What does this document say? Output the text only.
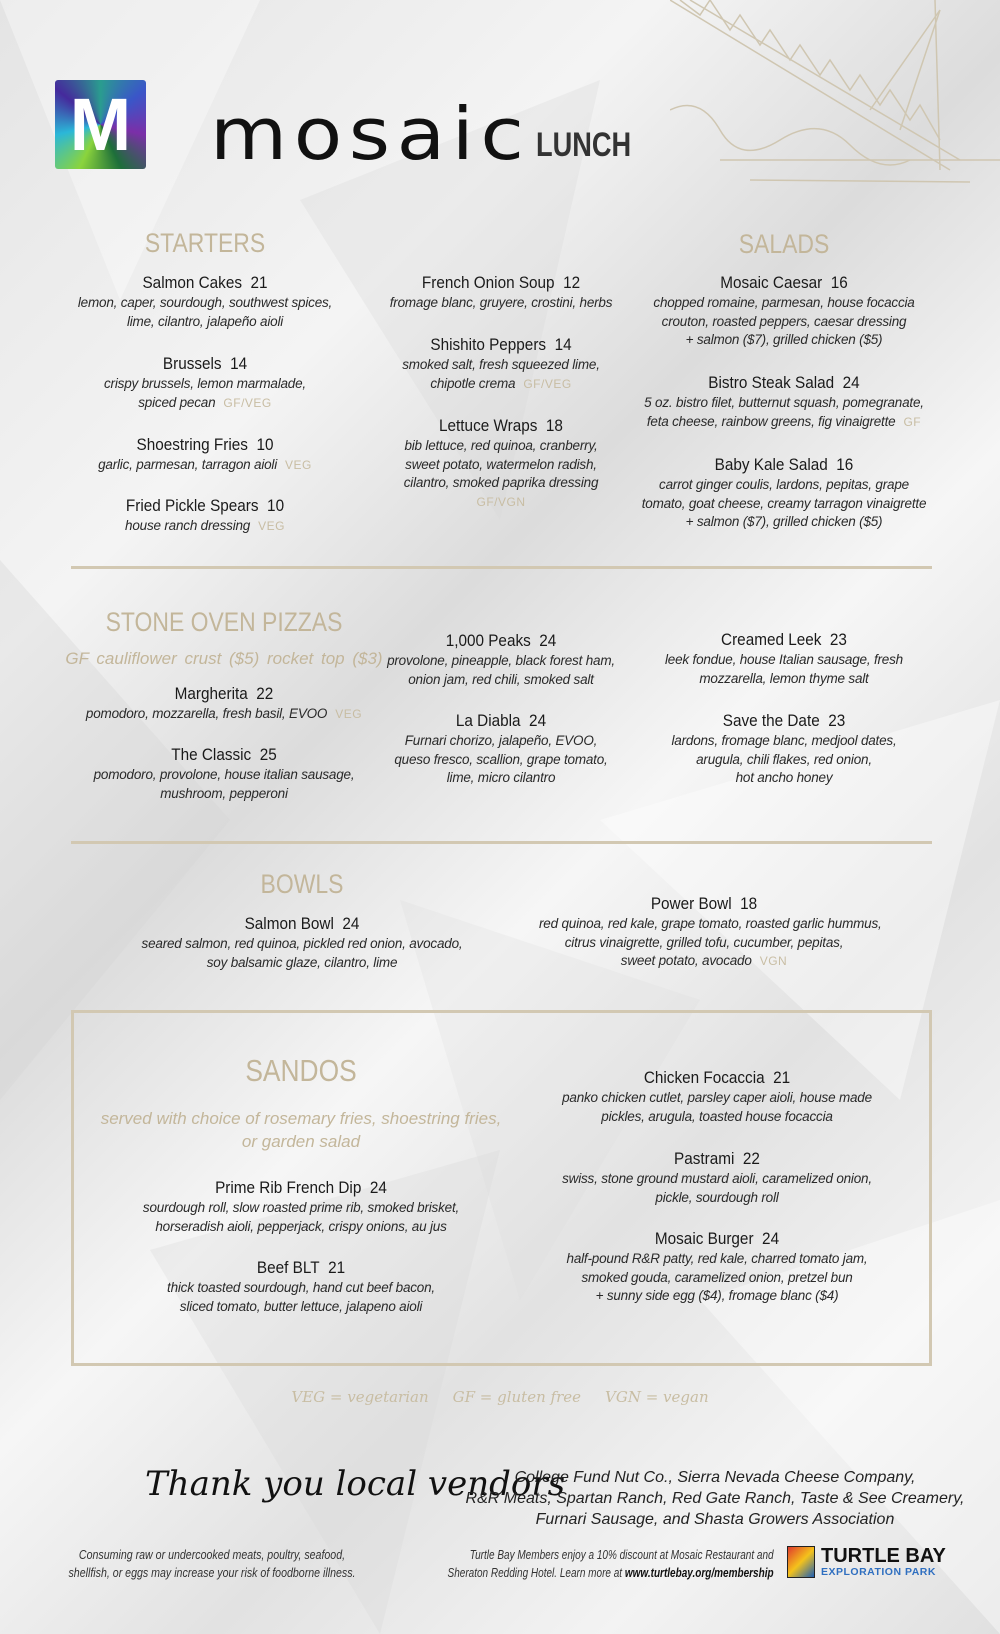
M mosaic LUNCH
STARTERS	SALADS
STONE OVEN PIZZAS
GF cauliflower crust ($5) rocket top ($3)
BOWLS
SANDOS
served with choice of rosemary fries, shoestring fries,
or garden salad
Salmon Cakes 21
lemon, caper, sourdough, southwest spices,
lime, cilantro, jalapeño aioli
Brussels 14
crispy brussels, lemon marmalade,
spiced pecan GF/VEG
Shoestring Fries 10
garlic, parmesan, tarragon aioli VEG
Fried Pickle Spears 10
house ranch dressing VEG
French Onion Soup 12
fromage blanc, gruyere, crostini, herbs
Shishito Peppers 14
smoked salt, fresh squeezed lime,
chipotle crema GF/VEG
Lettuce Wraps 18
bib lettuce, red quinoa, cranberry,
sweet potato, watermelon radish,
cilantro, smoked paprika dressing
GF/VGN
Mosaic Caesar 16
chopped romaine, parmesan, house focaccia
crouton, roasted peppers, caesar dressing
+ salmon ($7), grilled chicken ($5)
Bistro Steak Salad 24
5 oz. bistro filet, butternut squash, pomegranate,
feta cheese, rainbow greens, fig vinaigrette GF
Baby Kale Salad 16
carrot ginger coulis, lardons, pepitas, grape
tomato, goat cheese, creamy tarragon vinaigrette
+ salmon ($7), grilled chicken ($5)
Margherita 22
pomodoro, mozzarella, fresh basil, EVOO VEG
The Classic 25
pomodoro, provolone, house italian sausage,
mushroom, pepperoni
1,000 Peaks 24
provolone, pineapple, black forest ham,
onion jam, red chili, smoked salt
La Diabla 24
Furnari chorizo, jalapeño, EVOO,
queso fresco, scallion, grape tomato,
lime, micro cilantro
Creamed Leek 23
leek fondue, house Italian sausage, fresh
mozzarella, lemon thyme salt
Save the Date 23
lardons, fromage blanc, medjool dates,
arugula, chili flakes, red onion,
hot ancho honey
Salmon Bowl 24
seared salmon, red quinoa, pickled red onion, avocado,
soy balsamic glaze, cilantro, lime
Power Bowl 18
red quinoa, red kale, grape tomato, roasted garlic hummus,
citrus vinaigrette, grilled tofu, cucumber, pepitas,
sweet potato, avocado VGN
Prime Rib French Dip 24
sourdough roll, slow roasted prime rib, smoked brisket,
horseradish aioli, pepperjack, crispy onions, au jus
Beef BLT 21
thick toasted sourdough, hand cut beef bacon,
sliced tomato, butter lettuce, jalapeno aioli
Chicken Focaccia 21
panko chicken cutlet, parsley caper aioli, house made
pickles, arugula, toasted house focaccia
Pastrami 22
swiss, stone ground mustard aioli, caramelized onion,
pickle, sourdough roll
Mosaic Burger 24
half-pound R&R patty, red kale, charred tomato jam,
smoked gouda, caramelized onion, pretzel bun
+ sunny side egg ($4), fromage blanc ($4)
VEG = vegetarian GF = gluten free VGN = vegan
Thank you local vendors
College Fund Nut Co., Sierra Nevada Cheese Company,
R&R Meats, Spartan Ranch, Red Gate Ranch, Taste & See Creamery,
Furnari Sausage, and Shasta Growers Association
Consuming raw or undercooked meats, poultry, seafood,
shellfish, or eggs may increase your risk of foodborne illness.
Turtle Bay Members enjoy a 10% discount at Mosaic Restaurant and
Sheraton Redding Hotel. Learn more at www.turtlebay.org/membership
TURTLE BAY
EXPLORATION PARK
